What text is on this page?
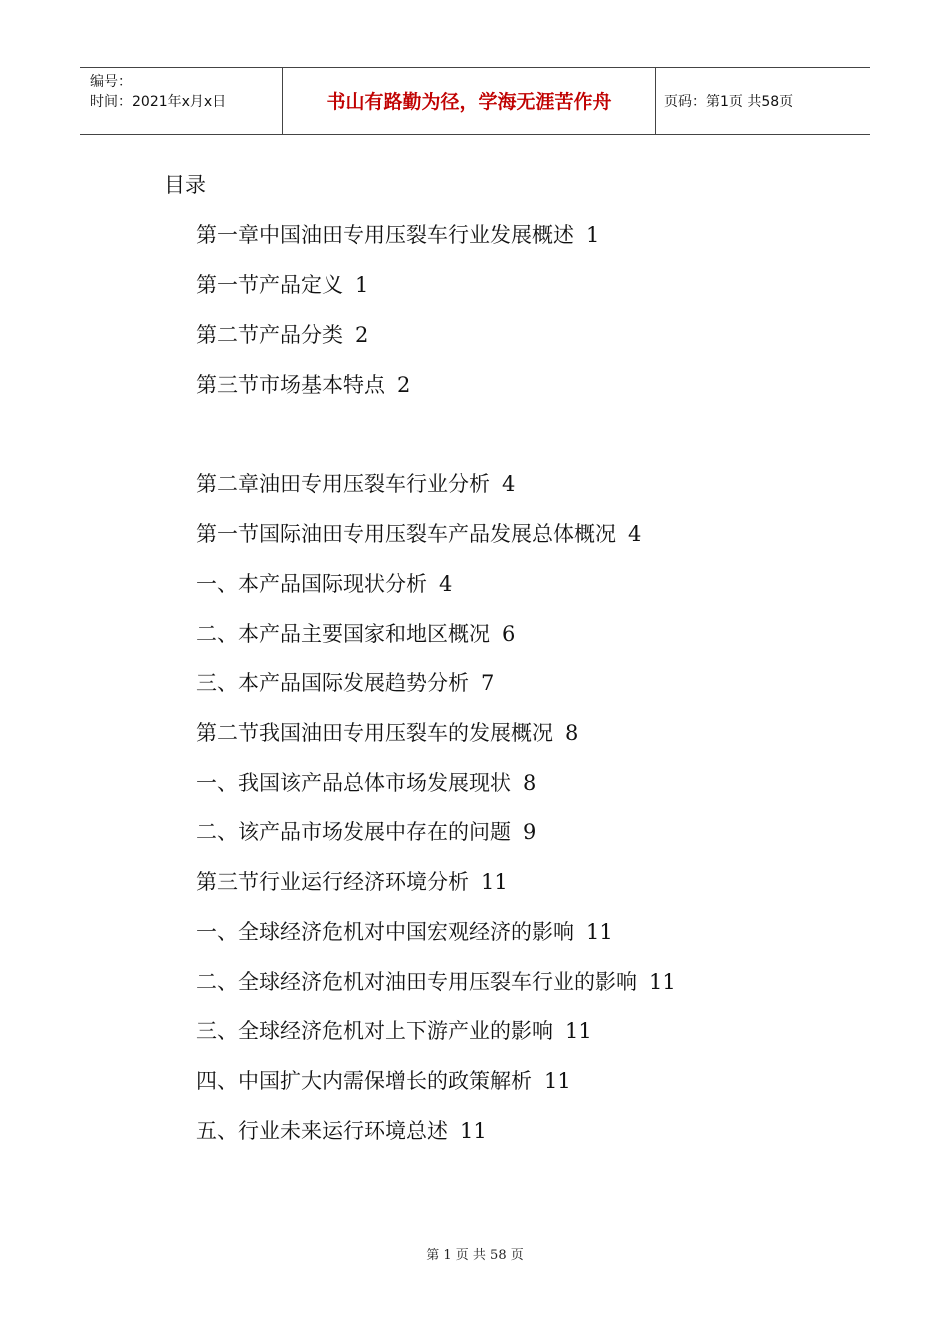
编号：
时间：2021年x月x日	书山有路勤为径，学海无涯苦作舟	页码：第1页 共58页
目录
第一章中国油田专用压裂车行业发展概述 1
第一节产品定义 1
第二节产品分类 2
第三节市场基本特点 2
第二章油田专用压裂车行业分析 4
第一节国际油田专用压裂车产品发展总体概况 4
一、本产品国际现状分析 4
二、本产品主要国家和地区概况 6
三、本产品国际发展趋势分析 7
第二节我国油田专用压裂车的发展概况 8
一、我国该产品总体市场发展现状 8
二、该产品市场发展中存在的问题 9
第三节行业运行经济环境分析 11
一、全球经济危机对中国宏观经济的影响 11
二、全球经济危机对油田专用压裂车行业的影响 11
三、全球经济危机对上下游产业的影响 11
四、中国扩大内需保增长的政策解析 11
五、行业未来运行环境总述 11
第 1 页 共 58 页
